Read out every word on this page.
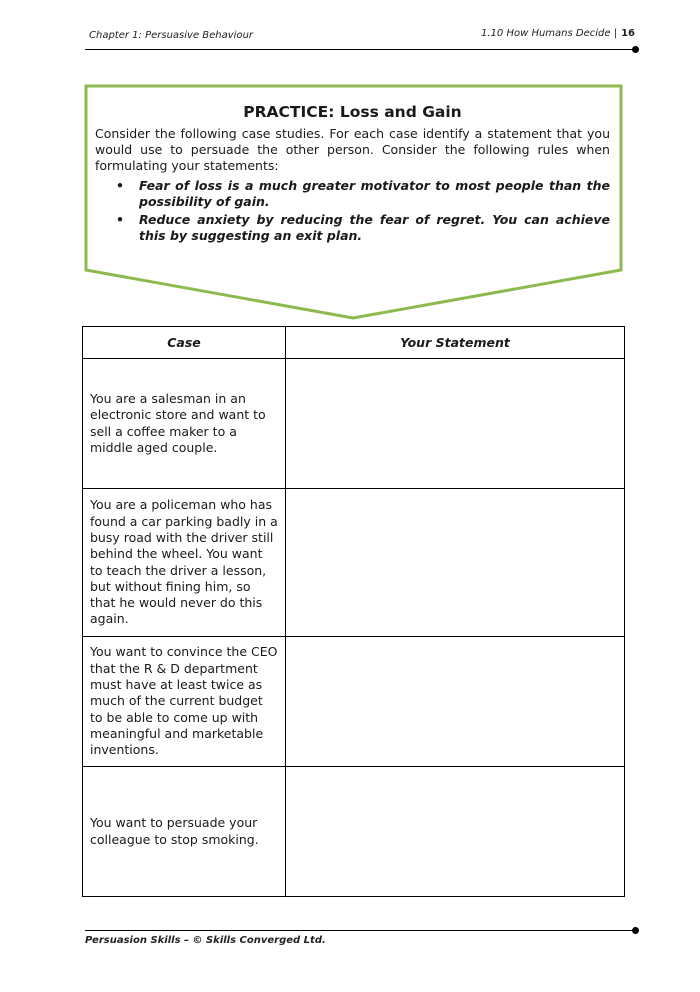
Chapter 1: Persuasive Behaviour	1.10 How Humans Decide | 16
PRACTICE: Loss and Gain

Consider the following case studies. For each case identify a statement that you would use to persuade the other person. Consider the following rules when formulating your statements:

• Fear of loss is a much greater motivator to most people than the possibility of gain.
• Reduce anxiety by reducing the fear of regret. You can achieve this by suggesting an exit plan.
Case	Your Statement
You are a salesman in an electronic store and want to sell a coffee maker to a middle aged couple.	
You are a policeman who has found a car parking badly in a busy road with the driver still behind the wheel. You want to teach the driver a lesson, but without fining him, so that he would never do this again.	
You want to convince the CEO that the R & D department must have at least twice as much of the current budget to be able to come up with meaningful and marketable inventions.	
You want to persuade your colleague to stop smoking.	
Persuasion Skills – © Skills Converged Ltd.
